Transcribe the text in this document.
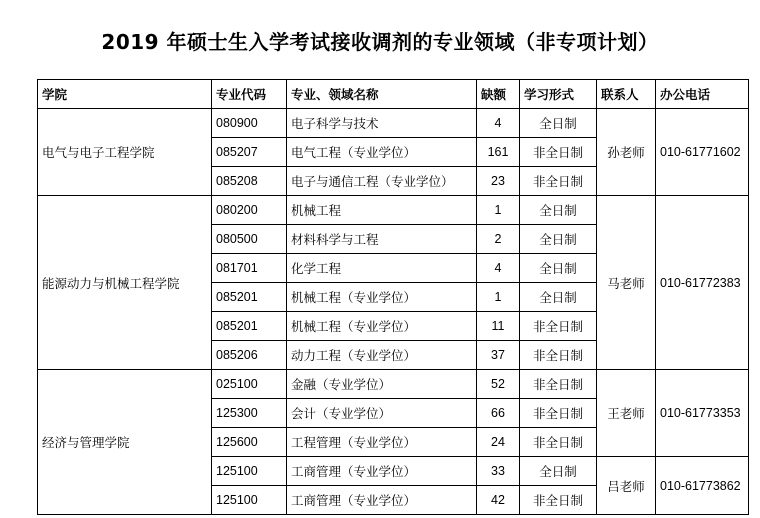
2019 年硕士生入学考试接收调剂的专业领域（非专项计划）
学院	专业代码	专业、领域名称	缺额	学习形式	联系人	办公电话
电气与电子工程学院	080900	电子科学与技术	4	全日制	孙老师	010-61771602
	085207	电气工程（专业学位）	161	非全日制		
	085208	电子与通信工程（专业学位）	23	非全日制		
能源动力与机械工程学院	080200	机械工程	1	全日制	马老师	010-61772383
	080500	材料科学与工程	2	全日制		
	081701	化学工程	4	全日制		
	085201	机械工程（专业学位）	1	全日制		
	085201	机械工程（专业学位）	11	非全日制		
	085206	动力工程（专业学位）	37	非全日制		
经济与管理学院	025100	金融（专业学位）	52	非全日制	王老师	010-61773353
	125300	会计（专业学位）	66	非全日制		
	125600	工程管理（专业学位）	24	非全日制		
	125100	工商管理（专业学位）	33	全日制	吕老师	010-61773862
	125100	工商管理（专业学位）	42	非全日制		
